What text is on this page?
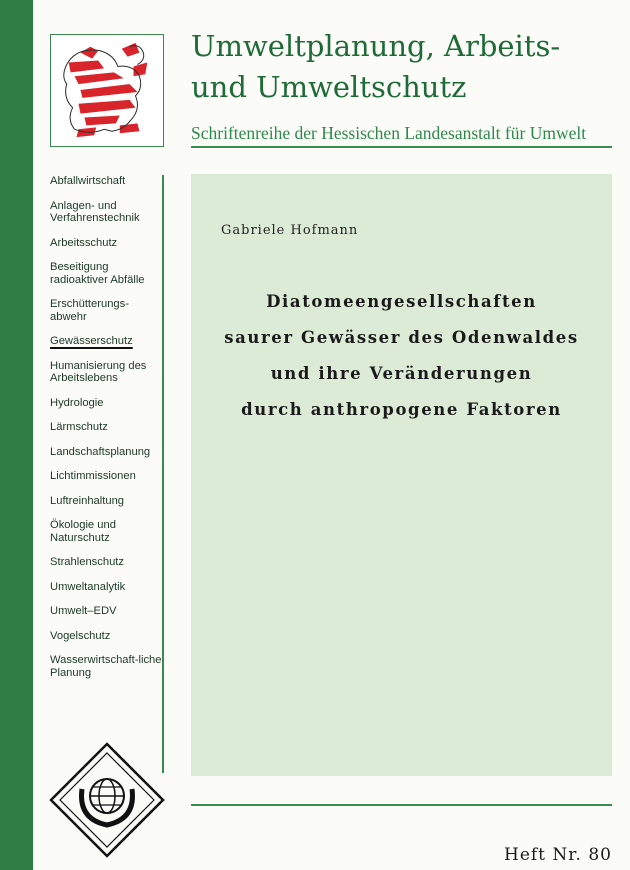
Umweltplanung, Arbeits-
und Umweltschutz
Schriftenreihe der Hessischen Landesanstalt für Umwelt
Abfallwirtschaft
Anlagen- und Verfahrenstechnik
Arbeitsschutz
Beseitigung radioaktiver Abfälle
Erschütterungs-abwehr
Gewässerschutz
Humanisierung des Arbeitslebens
Hydrologie
Lärmschutz
Landschaftsplanung
Lichtimmissionen
Luftreinhaltung
Ökologie und Naturschutz
Strahlenschutz
Umweltanalytik
Umwelt–EDV
Vogelschutz
Wasserwirtschaft-liche Planung
Gabriele Hofmann
Diatomeengesellschaften
saurer Gewässer des Odenwaldes
und ihre Veränderungen
durch anthropogene Faktoren
Heft Nr. 80
